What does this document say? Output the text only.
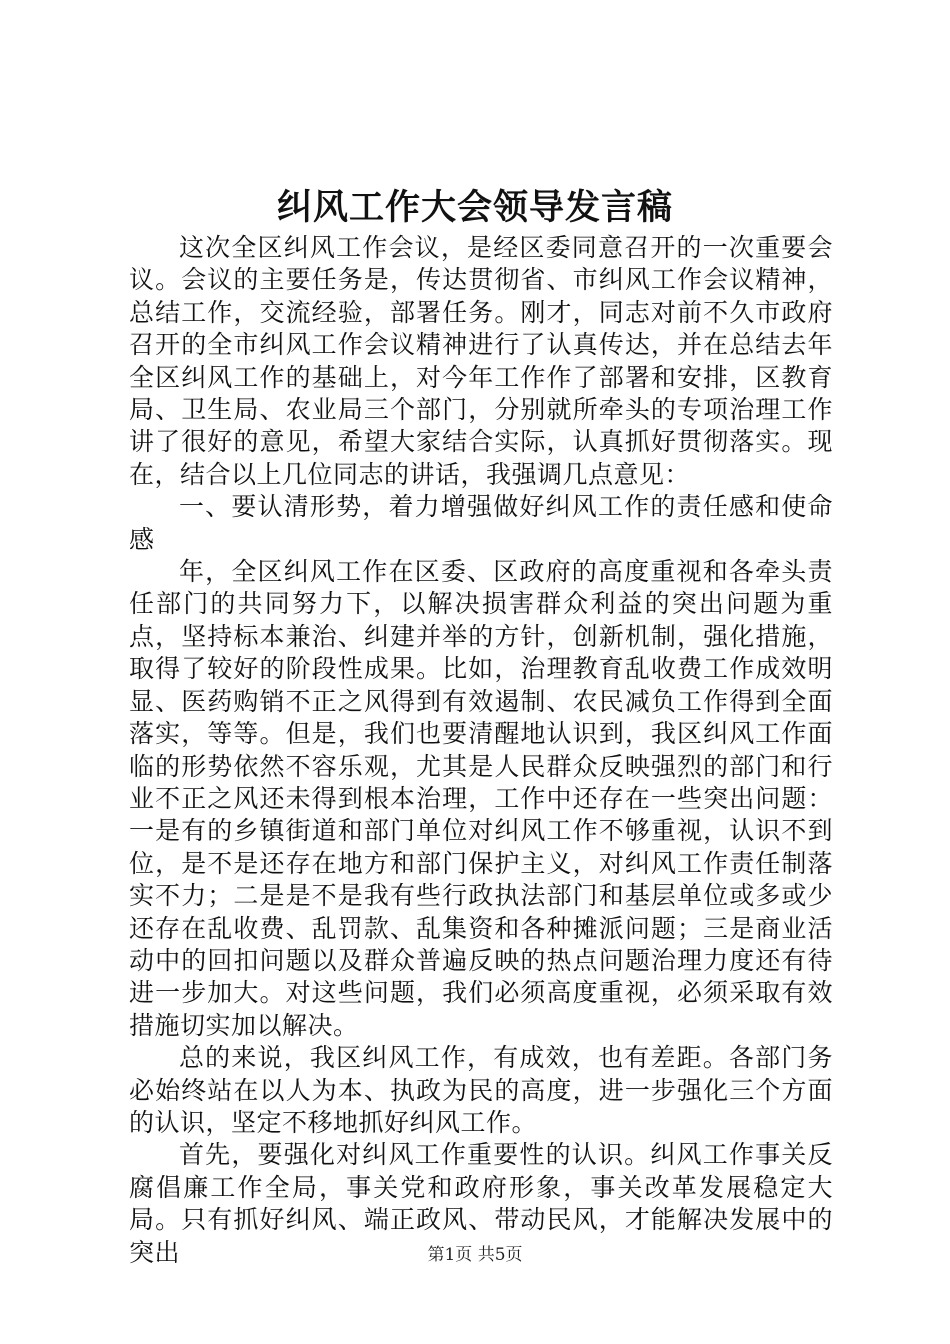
纠风工作大会领导发言稿

这次全区纠风工作会议，是经区委同意召开的一次重要会议。会议的主要任务是，传达贯彻省、市纠风工作会议精神，总结工作，交流经验，部署任务。刚才，同志对前不久市政府召开的全市纠风工作会议精神进行了认真传达，并在总结去年全区纠风工作的基础上，对今年工作作了部署和安排，区教育局、卫生局、农业局三个部门，分别就所牵头的专项治理工作讲了很好的意见，希望大家结合实际，认真抓好贯彻落实。现在，结合以上几位同志的讲话，我强调几点意见：

一、要认清形势，着力增强做好纠风工作的责任感和使命感

年，全区纠风工作在区委、区政府的高度重视和各牵头责任部门的共同努力下，以解决损害群众利益的突出问题为重点，坚持标本兼治、纠建并举的方针，创新机制，强化措施，取得了较好的阶段性成果。比如，治理教育乱收费工作成效明显、医药购销不正之风得到有效遏制、农民减负工作得到全面落实，等等。但是，我们也要清醒地认识到，我区纠风工作面临的形势依然不容乐观，尤其是人民群众反映强烈的部门和行业不正之风还未得到根本治理，工作中还存在一些突出问题：一是有的乡镇街道和部门单位对纠风工作不够重视，认识不到位，是不是还存在地方和部门保护主义，对纠风工作责任制落实不力；二是是不是我有些行政执法部门和基层单位或多或少还存在乱收费、乱罚款、乱集资和各种摊派问题；三是商业活动中的回扣问题以及群众普遍反映的热点问题治理力度还有待进一步加大。对这些问题，我们必须高度重视，必须采取有效措施切实加以解决。

总的来说，我区纠风工作，有成效，也有差距。各部门务必始终站在以人为本、执政为民的高度，进一步强化三个方面的认识，坚定不移地抓好纠风工作。

首先，要强化对纠风工作重要性的认识。纠风工作事关反腐倡廉工作全局，事关党和政府形象，事关改革发展稳定大局。只有抓好纠风、端正政风、带动民风，才能解决发展中的突出	第1页 共5页
